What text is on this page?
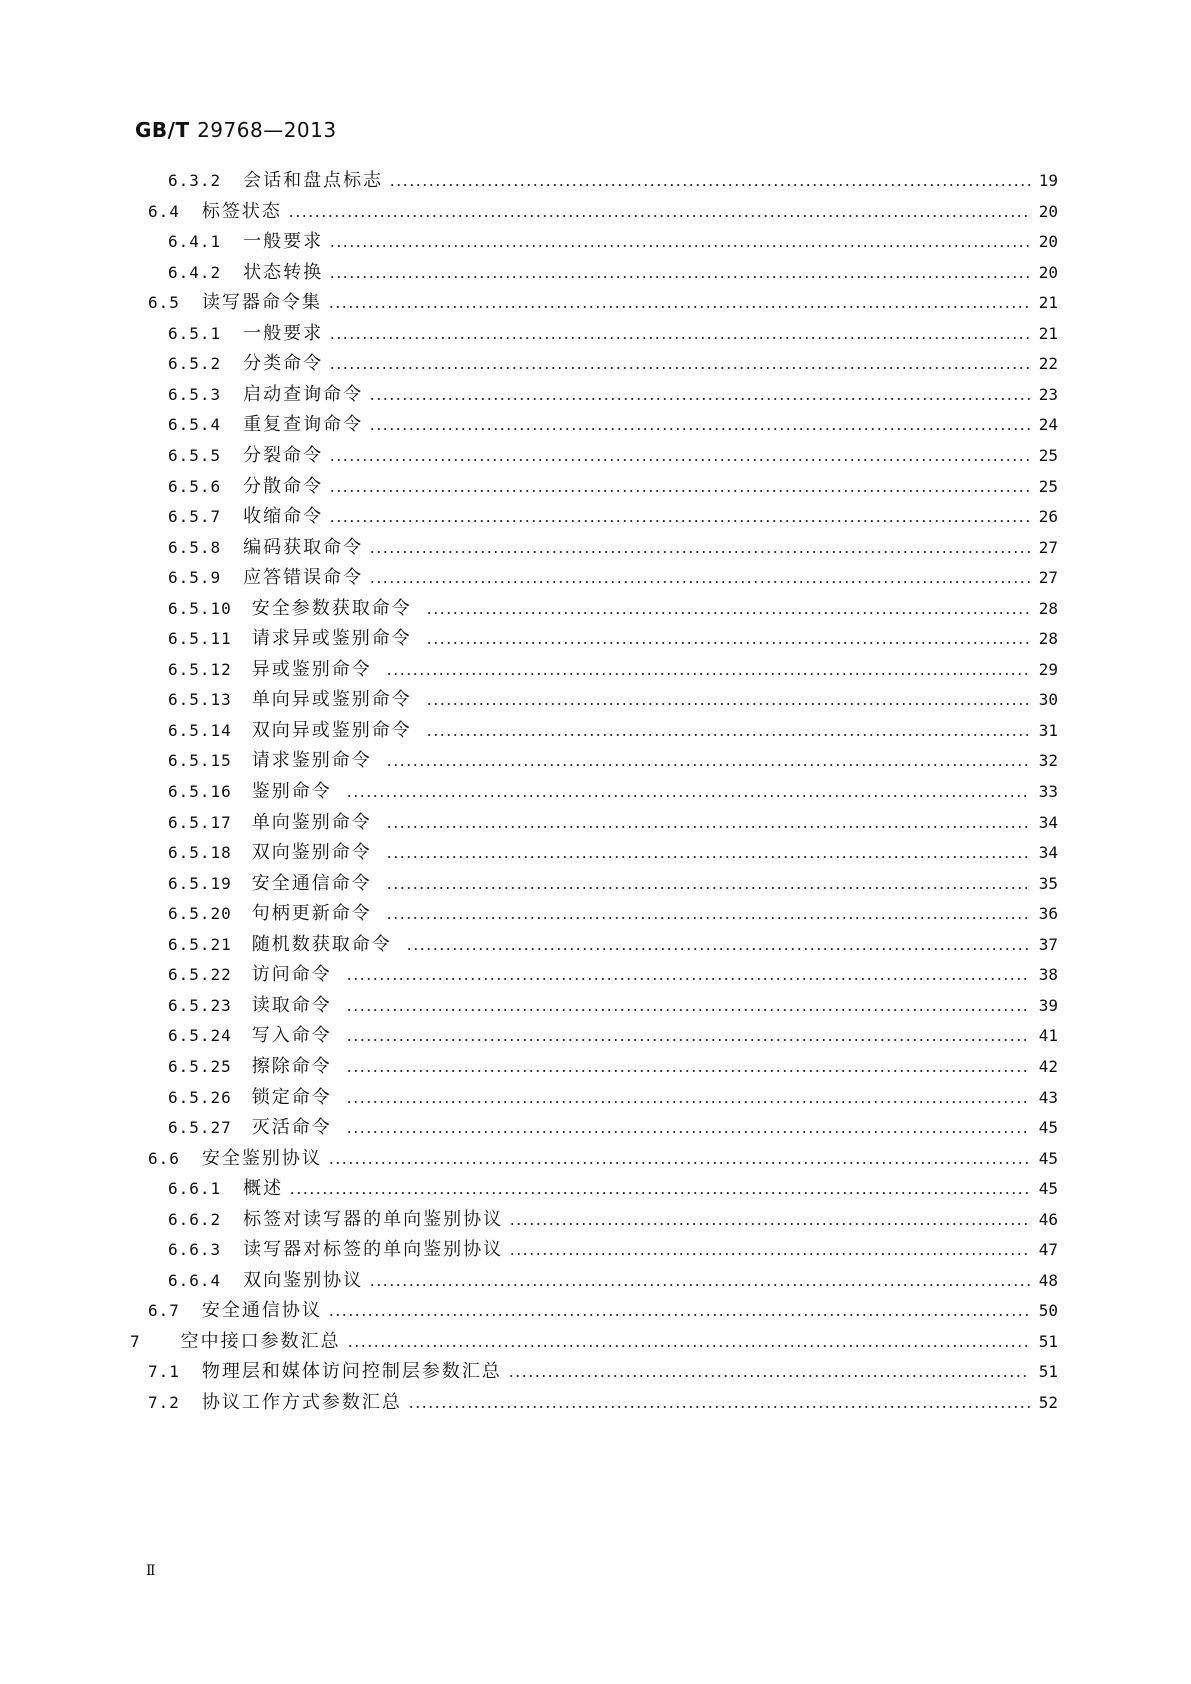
GB/T 29768—2013
6.3.2 会话和盘点标志	19
6.4 标签状态	20
6.4.1 一般要求	20
6.4.2 状态转换	20
6.5 读写器命令集	21
6.5.1 一般要求	21
6.5.2 分类命令	22
6.5.3 启动查询命令	23
6.5.4 重复查询命令	24
6.5.5 分裂命令	25
6.5.6 分散命令	25
6.5.7 收缩命令	26
6.5.8 编码获取命令	27
6.5.9 应答错误命令	27
6.5.10 安全参数获取命令	28
6.5.11 请求异或鉴别命令	28
6.5.12 异或鉴别命令	29
6.5.13 单向异或鉴别命令	30
6.5.14 双向异或鉴别命令	31
6.5.15 请求鉴别命令	32
6.5.16 鉴别命令	33
6.5.17 单向鉴别命令	34
6.5.18 双向鉴别命令	34
6.5.19 安全通信命令	35
6.5.20 句柄更新命令	36
6.5.21 随机数获取命令	37
6.5.22 访问命令	38
6.5.23 读取命令	39
6.5.24 写入命令	41
6.5.25 擦除命令	42
6.5.26 锁定命令	43
6.5.27 灭活命令	45
6.6 安全鉴别协议	45
6.6.1 概述	45
6.6.2 标签对读写器的单向鉴别协议	46
6.6.3 读写器对标签的单向鉴别协议	47
6.6.4 双向鉴别协议	48
6.7 安全通信协议	50
7 空中接口参数汇总	51
7.1 物理层和媒体访问控制层参数汇总	51
7.2 协议工作方式参数汇总	52
Ⅱ
